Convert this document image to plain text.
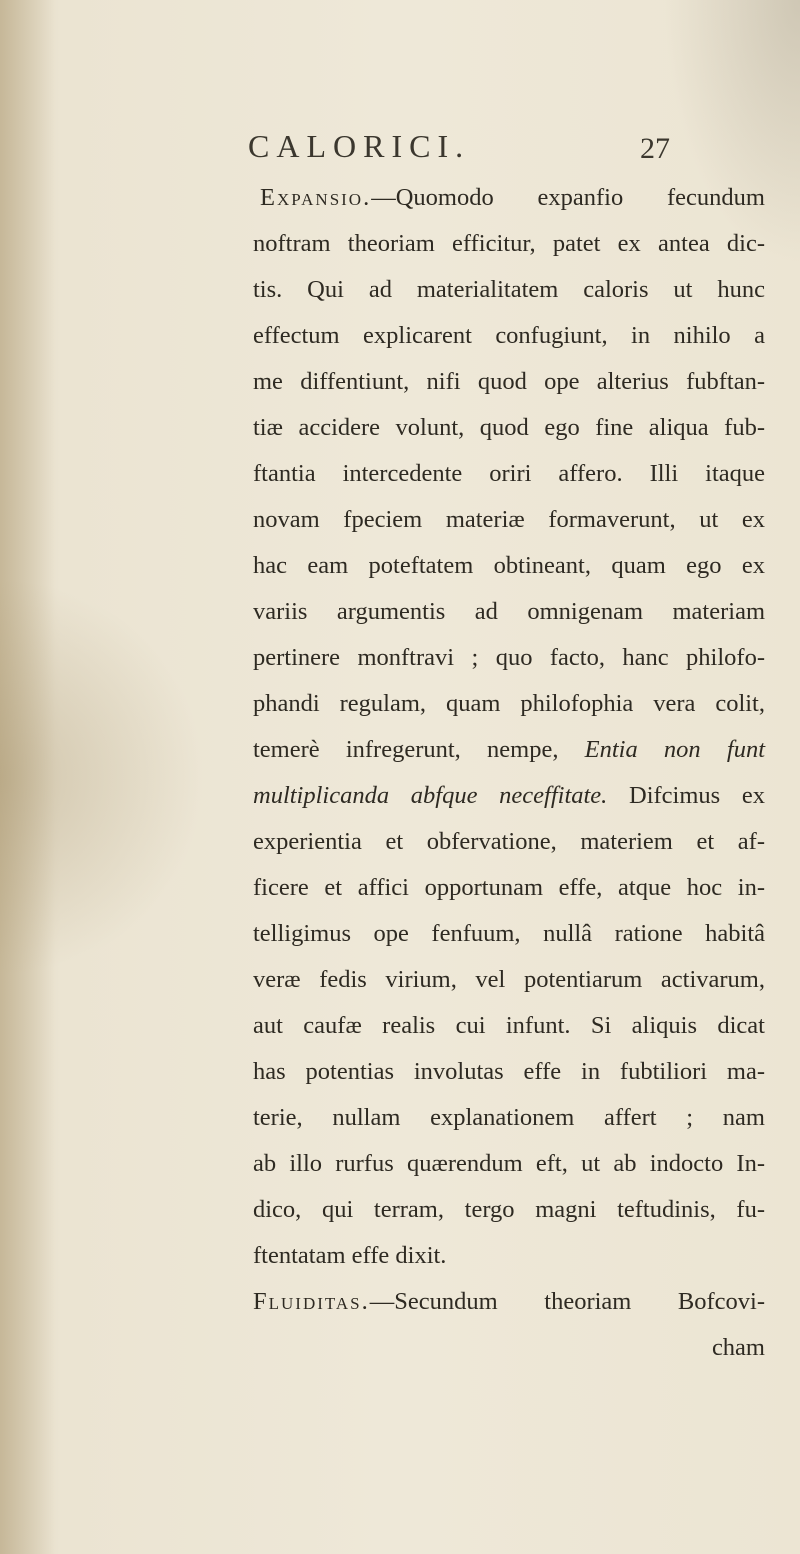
CALORICI.	27
Expansio.—Quomodo expanfio fecundum
noftram theoriam efficitur, patet ex antea dic-
tis. Qui ad materialitatem caloris ut hunc
effectum explicarent confugiunt, in nihilo a
me diffentiunt, nifi quod ope alterius fubftan-
tiæ accidere volunt, quod ego fine aliqua fub-
ftantia intercedente oriri affero. Illi itaque
novam fpeciem materiæ formaverunt, ut ex
hac eam poteftatem obtineant, quam ego ex
variis argumentis ad omnigenam materiam
pertinere monftravi ; quo facto, hanc philofo-
phandi regulam, quam philofophia vera colit,
temerè infregerunt, nempe, Entia non funt
multiplicanda abfque neceffitate. Difcimus ex
experientia et obfervatione, materiem et af-
ficere et affici opportunam effe, atque hoc in-
telligimus ope fenfuum, nullâ ratione habitâ
veræ fedis virium, vel potentiarum activarum,
aut caufæ realis cui infunt. Si aliquis dicat
has potentias involutas effe in fubtiliori ma-
terie, nullam explanationem affert ; nam
ab illo rurfus quærendum eft, ut ab indocto In-
dico, qui terram, tergo magni teftudinis, fu-
ftentatam effe dixit.
Fluiditas.—Secundum theoriam Bofcovi-
cham
